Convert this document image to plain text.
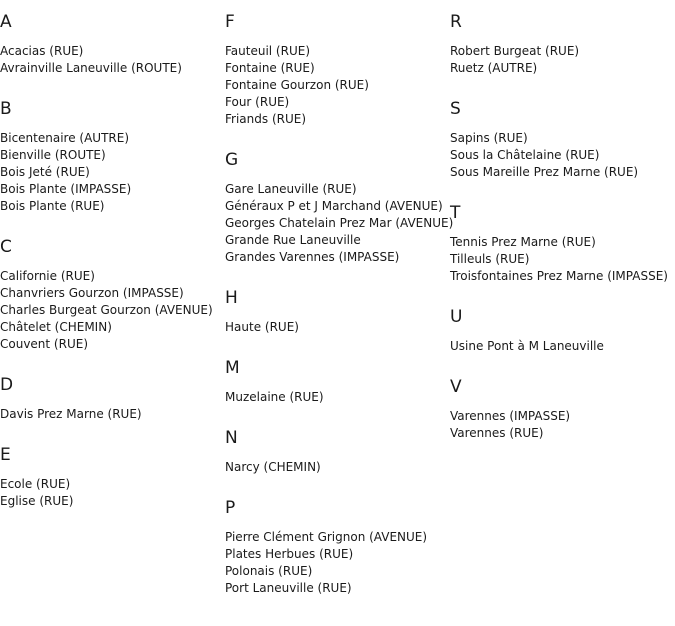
A
Acacias (RUE)
Avrainville Laneuville (ROUTE)
B
Bicentenaire (AUTRE)
Bienville (ROUTE)
Bois Jeté (RUE)
Bois Plante (IMPASSE)
Bois Plante (RUE)
C
Californie (RUE)
Chanvriers Gourzon (IMPASSE)
Charles Burgeat Gourzon (AVENUE)
Châtelet (CHEMIN)
Couvent (RUE)
D
Davis Prez Marne (RUE)
E
Ecole (RUE)
Eglise (RUE)
F
Fauteuil (RUE)
Fontaine (RUE)
Fontaine Gourzon (RUE)
Four (RUE)
Friands (RUE)
G
Gare Laneuville (RUE)
Généraux P et J Marchand (AVENUE)
Georges Chatelain Prez Mar (AVENUE)
Grande Rue Laneuville
Grandes Varennes (IMPASSE)
H
Haute (RUE)
M
Muzelaine (RUE)
N
Narcy (CHEMIN)
P
Pierre Clément Grignon (AVENUE)
Plates Herbues (RUE)
Polonais (RUE)
Port Laneuville (RUE)
R
Robert Burgeat (RUE)
Ruetz (AUTRE)
S
Sapins (RUE)
Sous la Châtelaine (RUE)
Sous Mareille Prez Marne (RUE)
T
Tennis Prez Marne (RUE)
Tilleuls (RUE)
Troisfontaines Prez Marne (IMPASSE)
U
Usine Pont à M Laneuville
V
Varennes (IMPASSE)
Varennes (RUE)
